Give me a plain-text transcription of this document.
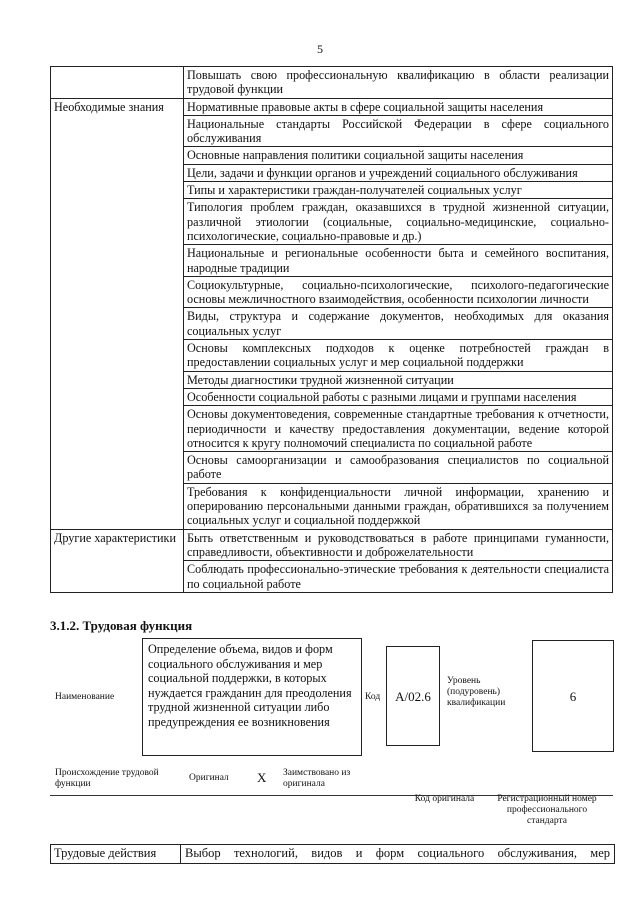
5
	Повышать свою профессиональную квалификацию в области реализации трудовой функции
Необходимые знания	Нормативные правовые акты в сфере социальной защиты населения
	Национальные стандарты Российской Федерации в сфере социального обслуживания
	Основные направления политики социальной защиты населения
	Цели, задачи и функции органов и учреждений социального обслуживания
	Типы и характеристики граждан-получателей социальных услуг
	Типология проблем граждан, оказавшихся в трудной жизненной ситуации, различной этиологии (социальные, социально-медицинские, социально-психологические, социально-правовые и др.)
	Национальные и региональные особенности быта и семейного воспитания, народные традиции
	Социокультурные, социально-психологические, психолого-педагогические основы межличностного взаимодействия, особенности психологии личности
	Виды, структура и содержание документов, необходимых для оказания социальных услуг
	Основы комплексных подходов к оценке потребностей граждан в предоставлении социальных услуг и мер социальной поддержки
	Методы диагностики трудной жизненной ситуации
	Особенности социальной работы с разными лицами и группами населения
	Основы документоведения, современные стандартные требования к отчетности, периодичности и качеству предоставления документации, ведение которой относится к кругу полномочий специалиста по социальной работе
	Основы самоорганизации и самообразования специалистов по социальной работе
	Требования к конфиденциальности личной информации, хранению и оперированию персональными данными граждан, обратившихся за получением социальных услуг и социальной поддержкой
Другие характеристики	Быть ответственным и руководствоваться в работе принципами гуманности, справедливости, объективности и доброжелательности
	Соблюдать профессионально-этические требования к деятельности специалиста по социальной работе
3.1.2. Трудовая функция
Наименование
Определение объема, видов и форм социального обслуживания и мер социальной поддержки, в которых нуждается гражданин для преодоления трудной жизненной ситуации либо предупреждения ее возникновения
Код	A/02.6
Уровень (подуровень) квалификации	6
Происхождение трудовой функции
Оригинал X Заимствовано из оригинала
Код оригинала	Регистрационный номер профессионального стандарта
Трудовые действия	Выбор технологий, видов и форм социального обслуживания, мер
